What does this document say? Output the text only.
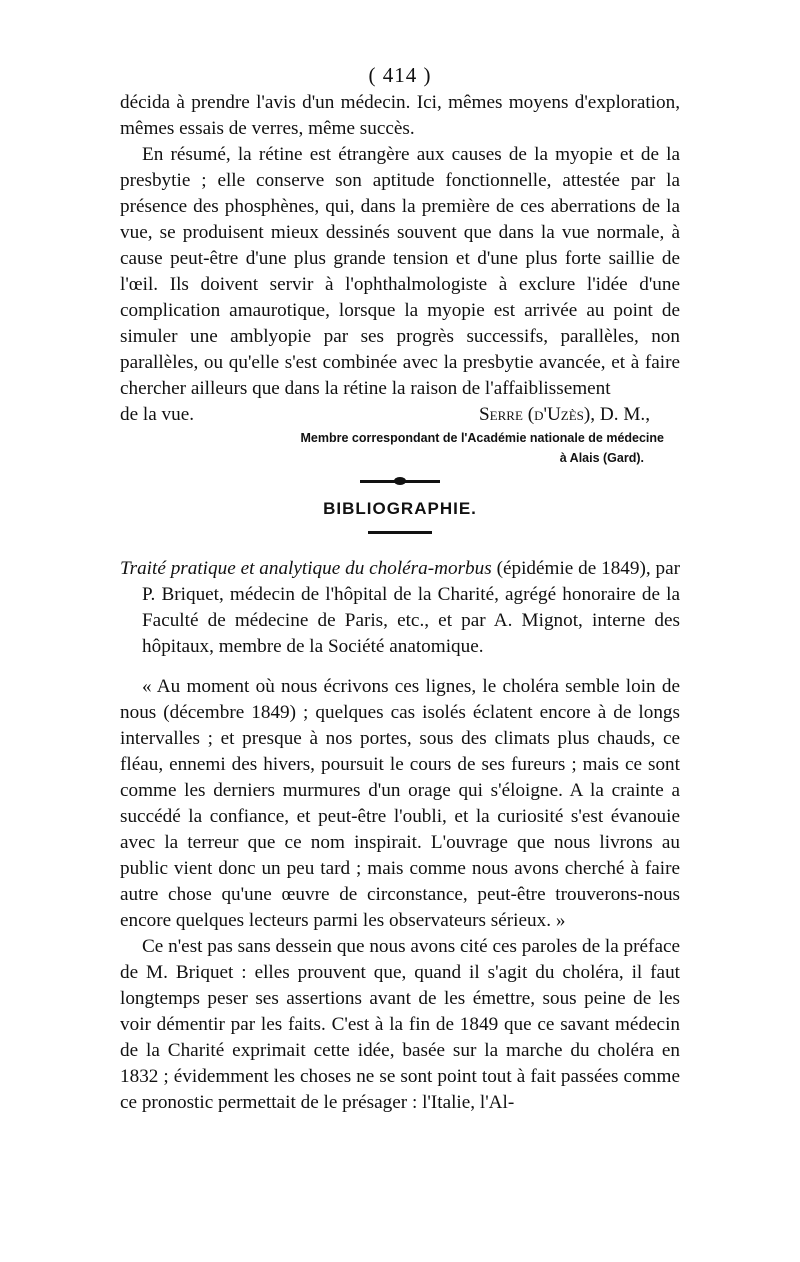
( 414 )

décida à prendre l'avis d'un médecin. Ici, mêmes moyens d'exploration, mêmes essais de verres, même succès.

En résumé, la rétine est étrangère aux causes de la myopie et de la presbytie ; elle conserve son aptitude fonctionnelle, attestée par la présence des phosphènes, qui, dans la première de ces aberrations de la vue, se produisent mieux dessinés souvent que dans la vue normale, à cause peut-être d'une plus grande tension et d'une plus forte saillie de l'œil. Ils doivent servir à l'ophthalmologiste à exclure l'idée d'une complication amaurotique, lorsque la myopie est arrivée au point de simuler une amblyopie par ses progrès successifs, parallèles, non parallèles, ou qu'elle s'est combinée avec la presbytie avancée, et à faire chercher ailleurs que dans la rétine la raison de l'affaiblissement

de la vue.	Serre (d'Uzès), D. M.,

Membre correspondant de l'Académie nationale de médecine

à Alais (Gard).

BIBLIOGRAPHIE.

Traité pratique et analytique du choléra-morbus (épidémie de 1849), par P. Briquet, médecin de l'hôpital de la Charité, agrégé honoraire de la Faculté de médecine de Paris, etc., et par A. Mignot, interne des hôpitaux, membre de la Société anatomique.

« Au moment où nous écrivons ces lignes, le choléra semble loin de nous (décembre 1849) ; quelques cas isolés éclatent encore à de longs intervalles ; et presque à nos portes, sous des climats plus chauds, ce fléau, ennemi des hivers, poursuit le cours de ses fureurs ; mais ce sont comme les derniers murmures d'un orage qui s'éloigne. A la crainte a succédé la confiance, et peut-être l'oubli, et la curiosité s'est évanouie avec la terreur que ce nom inspirait. L'ouvrage que nous livrons au public vient donc un peu tard ; mais comme nous avons cherché à faire autre chose qu'une œuvre de circonstance, peut-être trouverons-nous encore quelques lecteurs parmi les observateurs sérieux. »

Ce n'est pas sans dessein que nous avons cité ces paroles de la préface de M. Briquet : elles prouvent que, quand il s'agit du choléra, il faut longtemps peser ses assertions avant de les émettre, sous peine de les voir démentir par les faits. C'est à la fin de 1849 que ce savant médecin de la Charité exprimait cette idée, basée sur la marche du choléra en 1832 ; évidemment les choses ne se sont point tout à fait passées comme ce pronostic permettait de le présager : l'Italie, l'Al-
